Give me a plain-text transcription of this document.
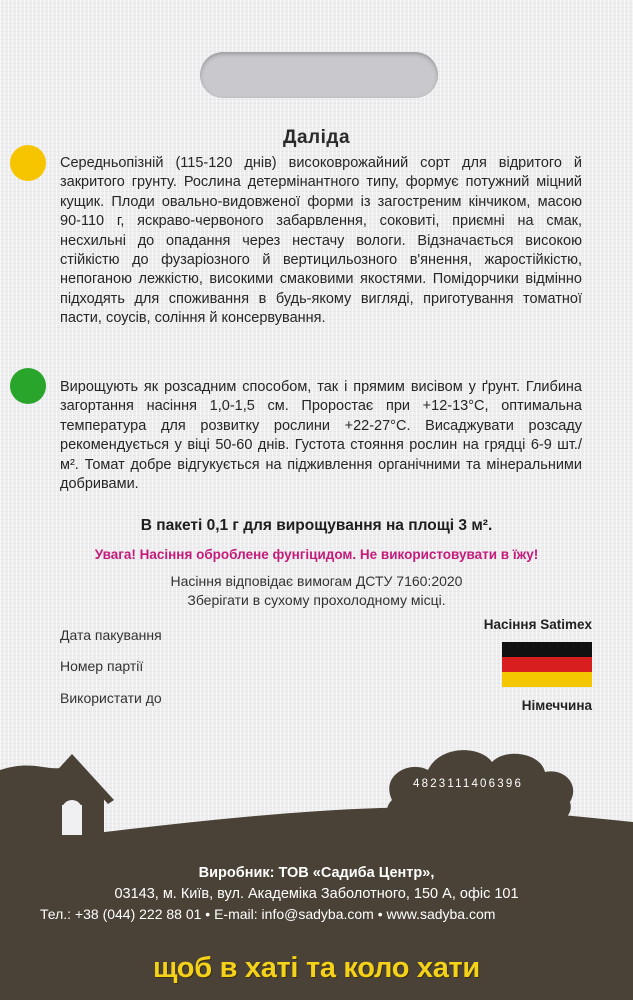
Даліда
Середньопізній (115-120 днів) високоврожайний сорт для відритого й закритого грунту. Рослина детермінантного типу, формує потужний міцний кущик. Плоди овально-видовженої форми із загостреним кінчиком, масою 90-110 г, яскраво-червоного забарвлення, соковиті, приємні на смак, несхильні до опадання через нестачу вологи. Відзначається високою стійкістю до фузаріозного й вертицильозного в'янення, жаростійкістю, непоганою лежкістю, високими смаковими якостями. Помідорчики відмінно підходять для споживання в будь-якому вигляді, приготування томатної пасти, соусів, соління й консервування.
Вирощують як розсадним способом, так і прямим висівом у ґрунт. Глибина загортання насіння 1,0-1,5 см. Проростає при +12-13°С, оптимальна температура для розвитку рослини +22-27°С. Висаджувати розсаду рекомендується у віці 50-60 днів. Густота стояння рослин на грядці 6-9 шт./м². Томат добре відгукується на підживлення органічними та мінеральними добривами.
В пакеті 0,1 г для вирощування на площі 3 м².
Увага! Насіння оброблене фунгіцидом. Не використовувати в їжу!
Насіння відповідає вимогам ДСТУ 7160:2020
Зберігати в сухому прохолодному місці.
Дата пакування
Номер партії
Використати до
Насіння Satimex
Німеччина
4823111406396
Виробник: ТОВ «Садиба Центр»,
03143, м. Київ, вул. Академіка Заболотного, 150 А, офіс 101
Тел.: +38 (044) 222 88 01 • E-mail: info@sadyba.com • www.sadyba.com
щоб в хаті та коло хати
